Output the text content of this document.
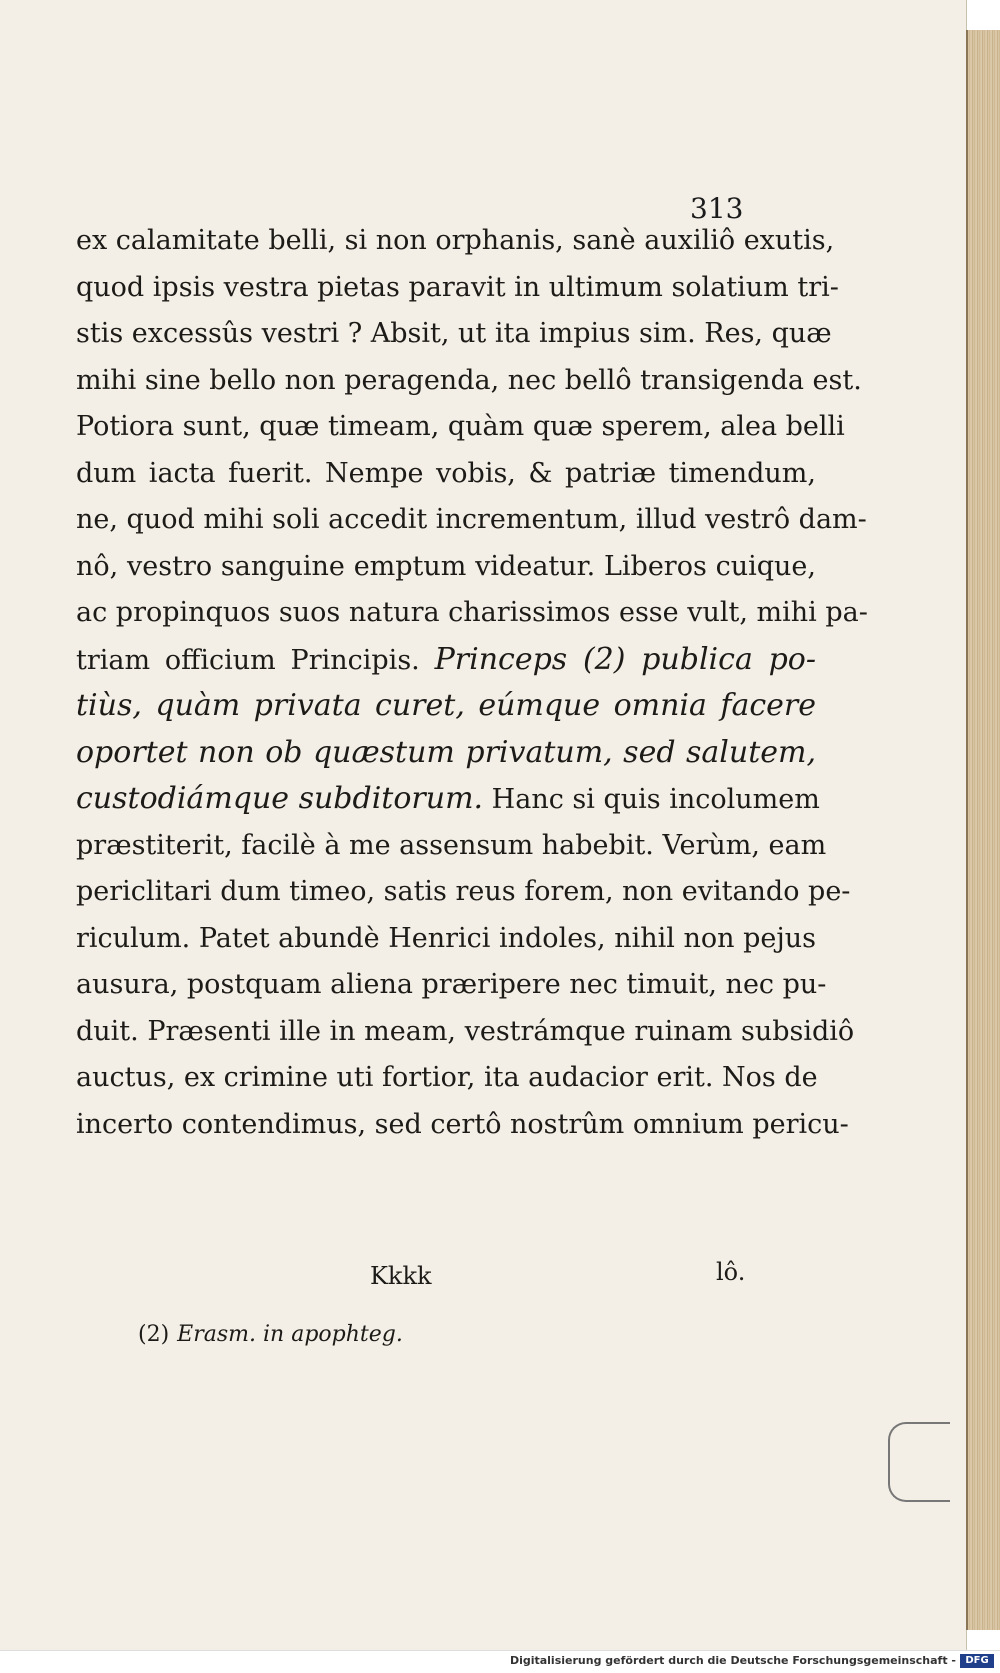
313
ex calamitate belli, si non orphanis, sanè auxiliô exutis,
quod ipsis vestra pietas paravit in ultimum solatium tri-
stis excessûs vestri ? Absit, ut ita impius sim. Res, quæ
mihi sine bello non peragenda, nec bellô transigenda est.
Potiora sunt, quæ timeam, quàm quæ sperem, alea belli
dum iacta fuerit. Nempe vobis, & patriæ timendum,
ne, quod mihi soli accedit incrementum, illud vestrô dam-
nô, vestro sanguine emptum videatur. Liberos cuique,
ac propinquos suos natura charissimos esse vult, mihi pa-
triam officium Principis. Princeps (2) publica po-
tiùs, quàm privata curet, eúmque omnia facere
oportet non ob quæstum privatum, sed salutem,
custodiámque subditorum. Hanc si quis incolumem
præstiterit, facilè à me assensum habebit. Verùm, eam
periclitari dum timeo, satis reus forem, non evitando pe-
riculum. Patet abundè Henrici indoles, nihil non pejus
ausura, postquam aliena præripere nec timuit, nec pu-
duit. Præsenti ille in meam, vestrámque ruinam subsidiô
auctus, ex crimine uti fortior, ita audacior erit. Nos de
incerto contendimus, sed certô nostrûm omnium pericu-
Kkkk	lô.
(2) Erasm. in apophteg.
Digitalisierung gefördert durch die Deutsche Forschungsgemeinschaft - DFG
